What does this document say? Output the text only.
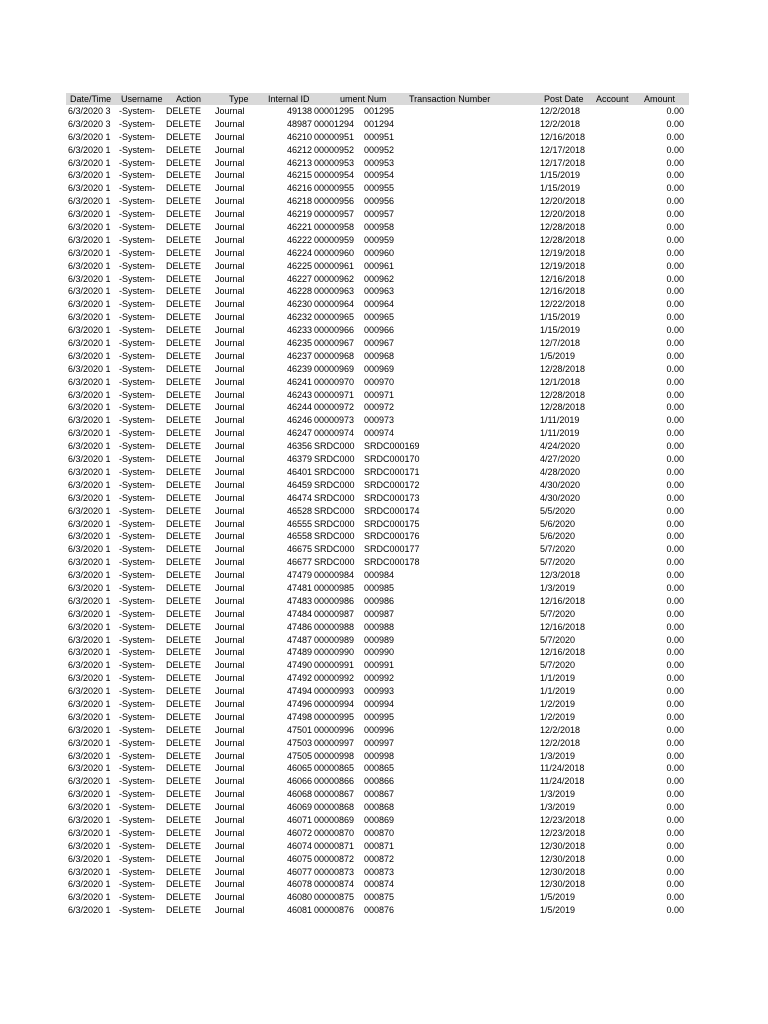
Date/Time	Username Action	Type	Internal ID	ument Num Transaction Number	Post Date	Account	Amount
6/3/2020 3 -System-	DELETE	Journal	49138 00001295	001295	12/2/2018	0.00
6/3/2020 3 -System-	DELETE	Journal	48987 00001294	001294	12/2/2018	0.00
6/3/2020 1 -System-	DELETE	Journal	46210 00000951	000951	12/16/2018	0.00
6/3/2020 1 -System-	DELETE	Journal	46212 00000952	000952	12/17/2018	0.00
6/3/2020 1 -System-	DELETE	Journal	46213 00000953	000953	12/17/2018	0.00
6/3/2020 1 -System-	DELETE	Journal	46215 00000954	000954	1/15/2019	0.00
6/3/2020 1 -System-	DELETE	Journal	46216 00000955	000955	1/15/2019	0.00
6/3/2020 1 -System-	DELETE	Journal	46218 00000956	000956	12/20/2018	0.00
6/3/2020 1 -System-	DELETE	Journal	46219 00000957	000957	12/20/2018	0.00
6/3/2020 1 -System-	DELETE	Journal	46221 00000958	000958	12/28/2018	0.00
6/3/2020 1 -System-	DELETE	Journal	46222 00000959	000959	12/28/2018	0.00
6/3/2020 1 -System-	DELETE	Journal	46224 00000960	000960	12/19/2018	0.00
6/3/2020 1 -System-	DELETE	Journal	46225 00000961	000961	12/19/2018	0.00
6/3/2020 1 -System-	DELETE	Journal	46227 00000962	000962	12/16/2018	0.00
6/3/2020 1 -System-	DELETE	Journal	46228 00000963	000963	12/16/2018	0.00
6/3/2020 1 -System-	DELETE	Journal	46230 00000964	000964	12/22/2018	0.00
6/3/2020 1 -System-	DELETE	Journal	46232 00000965	000965	1/15/2019	0.00
6/3/2020 1 -System-	DELETE	Journal	46233 00000966	000966	1/15/2019	0.00
6/3/2020 1 -System-	DELETE	Journal	46235 00000967	000967	12/7/2018	0.00
6/3/2020 1 -System-	DELETE	Journal	46237 00000968	000968	1/5/2019	0.00
6/3/2020 1 -System-	DELETE	Journal	46239 00000969	000969	12/28/2018	0.00
6/3/2020 1 -System-	DELETE	Journal	46241 00000970	000970	12/1/2018	0.00
6/3/2020 1 -System-	DELETE	Journal	46243 00000971	000971	12/28/2018	0.00
6/3/2020 1 -System-	DELETE	Journal	46244 00000972	000972	12/28/2018	0.00
6/3/2020 1 -System-	DELETE	Journal	46246 00000973	000973	1/11/2019	0.00
6/3/2020 1 -System-	DELETE	Journal	46247 00000974	000974	1/11/2019	0.00
6/3/2020 1 -System-	DELETE	Journal	46356 SRDC000	SRDC000169	4/24/2020	0.00
6/3/2020 1 -System-	DELETE	Journal	46379 SRDC000	SRDC000170	4/27/2020	0.00
6/3/2020 1 -System-	DELETE	Journal	46401 SRDC000	SRDC000171	4/28/2020	0.00
6/3/2020 1 -System-	DELETE	Journal	46459 SRDC000	SRDC000172	4/30/2020	0.00
6/3/2020 1 -System-	DELETE	Journal	46474 SRDC000	SRDC000173	4/30/2020	0.00
6/3/2020 1 -System-	DELETE	Journal	46528 SRDC000	SRDC000174	5/5/2020	0.00
6/3/2020 1 -System-	DELETE	Journal	46555 SRDC000	SRDC000175	5/6/2020	0.00
6/3/2020 1 -System-	DELETE	Journal	46558 SRDC000	SRDC000176	5/6/2020	0.00
6/3/2020 1 -System-	DELETE	Journal	46675 SRDC000	SRDC000177	5/7/2020	0.00
6/3/2020 1 -System-	DELETE	Journal	46677 SRDC000	SRDC000178	5/7/2020	0.00
6/3/2020 1 -System-	DELETE	Journal	47479 00000984	000984	12/3/2018	0.00
6/3/2020 1 -System-	DELETE	Journal	47481 00000985	000985	1/3/2019	0.00
6/3/2020 1 -System-	DELETE	Journal	47483 00000986	000986	12/16/2018	0.00
6/3/2020 1 -System-	DELETE	Journal	47484 00000987	000987	5/7/2020	0.00
6/3/2020 1 -System-	DELETE	Journal	47486 00000988	000988	12/16/2018	0.00
6/3/2020 1 -System-	DELETE	Journal	47487 00000989	000989	5/7/2020	0.00
6/3/2020 1 -System-	DELETE	Journal	47489 00000990	000990	12/16/2018	0.00
6/3/2020 1 -System-	DELETE	Journal	47490 00000991	000991	5/7/2020	0.00
6/3/2020 1 -System-	DELETE	Journal	47492 00000992	000992	1/1/2019	0.00
6/3/2020 1 -System-	DELETE	Journal	47494 00000993	000993	1/1/2019	0.00
6/3/2020 1 -System-	DELETE	Journal	47496 00000994	000994	1/2/2019	0.00
6/3/2020 1 -System-	DELETE	Journal	47498 00000995	000995	1/2/2019	0.00
6/3/2020 1 -System-	DELETE	Journal	47501 00000996	000996	12/2/2018	0.00
6/3/2020 1 -System-	DELETE	Journal	47503 00000997	000997	12/2/2018	0.00
6/3/2020 1 -System-	DELETE	Journal	47505 00000998	000998	1/3/2019	0.00
6/3/2020 1 -System-	DELETE	Journal	46065 00000865	000865	11/24/2018	0.00
6/3/2020 1 -System-	DELETE	Journal	46066 00000866	000866	11/24/2018	0.00
6/3/2020 1 -System-	DELETE	Journal	46068 00000867	000867	1/3/2019	0.00
6/3/2020 1 -System-	DELETE	Journal	46069 00000868	000868	1/3/2019	0.00
6/3/2020 1 -System-	DELETE	Journal	46071 00000869	000869	12/23/2018	0.00
6/3/2020 1 -System-	DELETE	Journal	46072 00000870	000870	12/23/2018	0.00
6/3/2020 1 -System-	DELETE	Journal	46074 00000871	000871	12/30/2018	0.00
6/3/2020 1 -System-	DELETE	Journal	46075 00000872	000872	12/30/2018	0.00
6/3/2020 1 -System-	DELETE	Journal	46077 00000873	000873	12/30/2018	0.00
6/3/2020 1 -System-	DELETE	Journal	46078 00000874	000874	12/30/2018	0.00
6/3/2020 1 -System-	DELETE	Journal	46080 00000875	000875	1/5/2019	0.00
6/3/2020 1 -System-	DELETE	Journal	46081 00000876	000876	1/5/2019	0.00
